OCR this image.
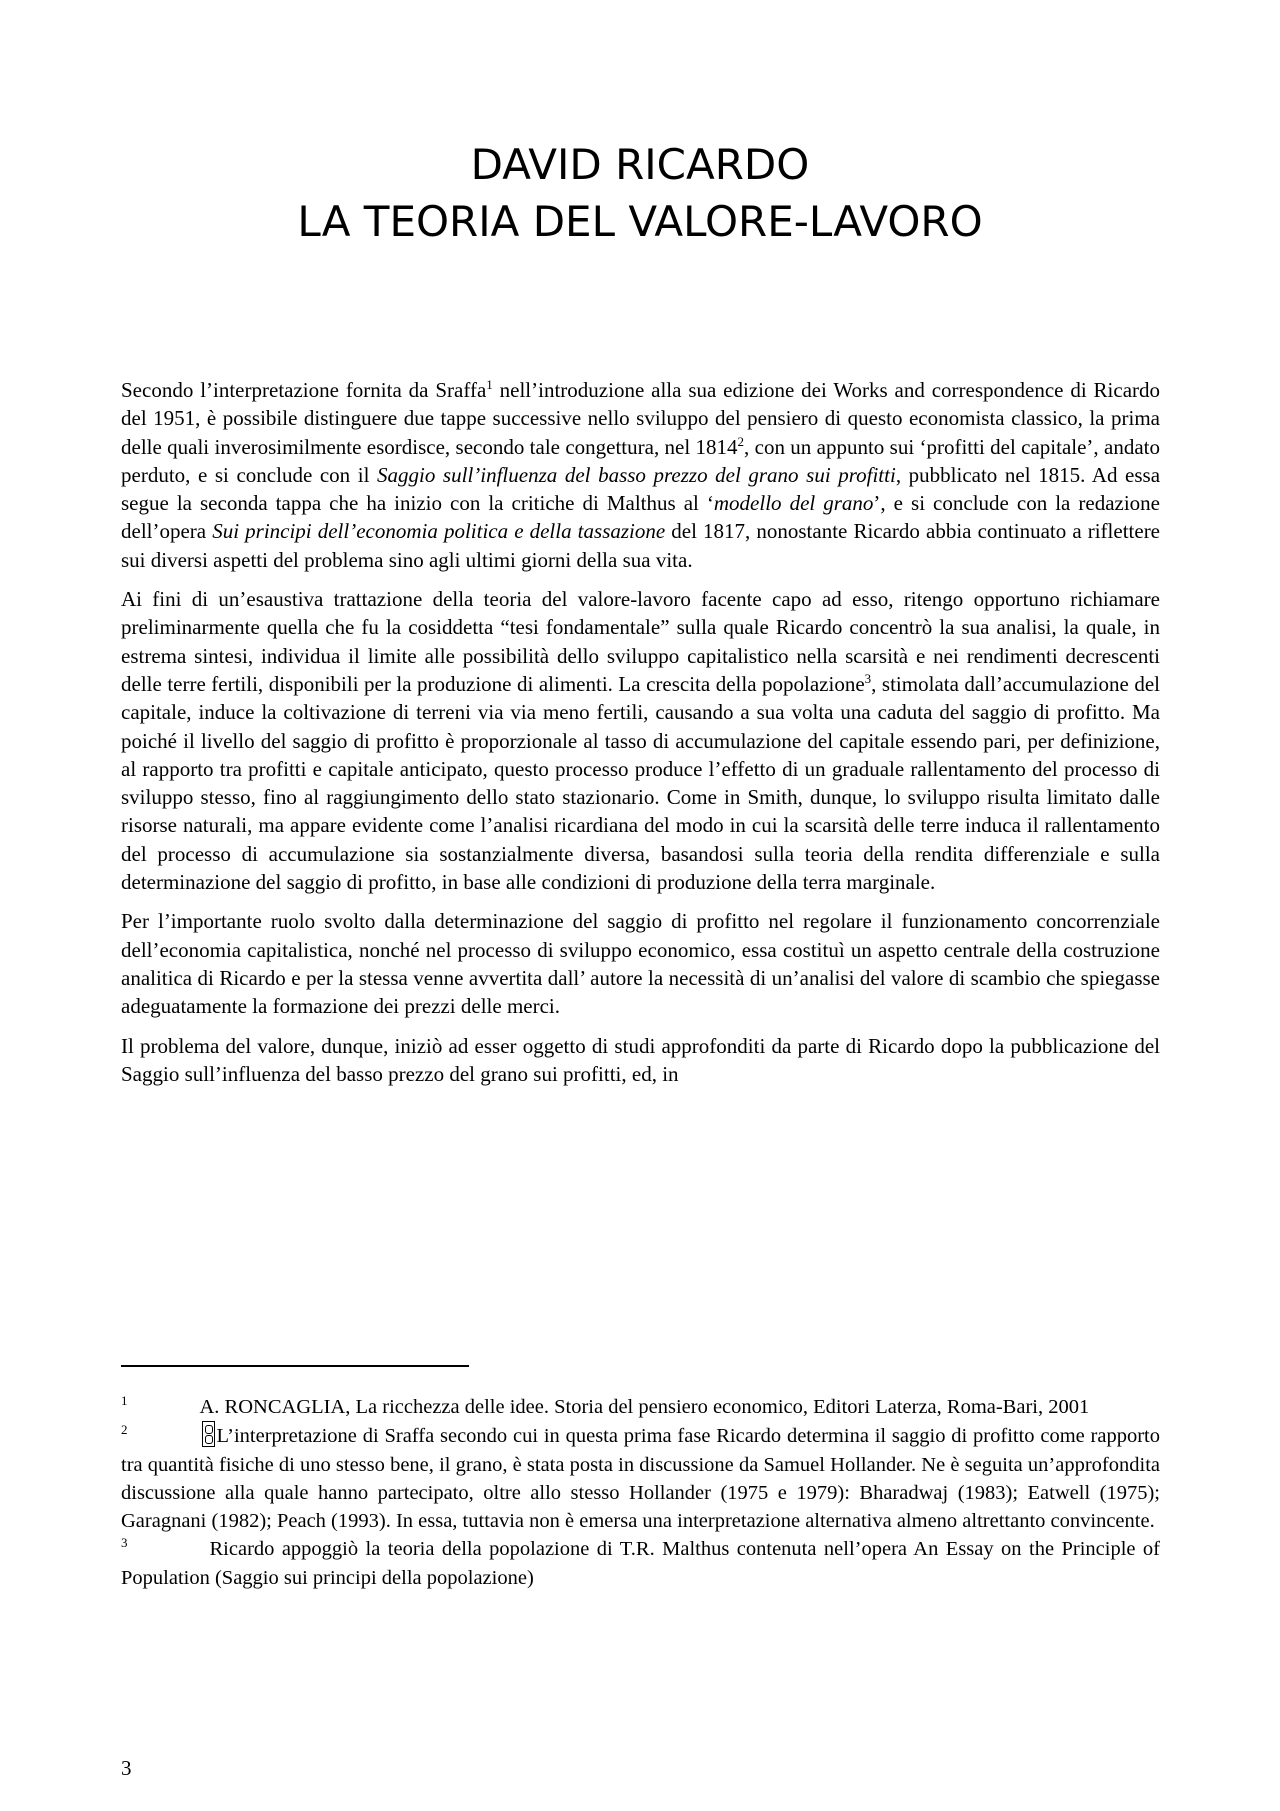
DAVID RICARDO
LA TEORIA DEL VALORE-LAVORO

Secondo l’interpretazione fornita da Sraffa$^1$ nell’introduzione alla sua edizione dei Works and correspondence di Ricardo del 1951, è possibile distinguere due tappe successive nello sviluppo del pensiero di questo economista classico, la prima delle quali inverosimilmente esordisce, secondo tale congettura, nel 1814$^2$, con un appunto sui ‘profitti del capitale’, andato perduto, e si conclude con il Saggio sull’influenza del basso prezzo del grano sui profitti, pubblicato nel 1815. Ad essa segue la seconda tappa che ha inizio con la critiche di Malthus al ‘modello del grano’, e si conclude con la redazione dell’opera Sui principi dell’economia politica e della tassazione del 1817, nonostante Ricardo abbia continuato a riflettere sui diversi aspetti del problema sino agli ultimi giorni della sua vita.

Ai fini di un’esaustiva trattazione della teoria del valore-lavoro facente capo ad esso, ritengo opportuno richiamare preliminarmente quella che fu la cosiddetta “tesi fondamentale” sulla quale Ricardo concentrò la sua analisi, la quale, in estrema sintesi, individua il limite alle possibilità dello sviluppo capitalistico nella scarsità e nei rendimenti decrescenti delle terre fertili, disponibili per la produzione di alimenti. La crescita della popolazione$^3$, stimolata dall’accumulazione del capitale, induce la coltivazione di terreni via via meno fertili, causando a sua volta una caduta del saggio di profitto. Ma poiché il livello del saggio di profitto è proporzionale al tasso di accumulazione del capitale essendo pari, per definizione, al rapporto tra profitti e capitale anticipato, questo processo produce l’effetto di un graduale rallentamento del processo di sviluppo stesso, fino al raggiungimento dello stato stazionario. Come in Smith, dunque, lo sviluppo risulta limitato dalle risorse naturali, ma appare evidente come l’analisi ricardiana del modo in cui la scarsità delle terre induca il rallentamento del processo di accumulazione sia sostanzialmente diversa, basandosi sulla teoria della rendita differenziale e sulla determinazione del saggio di profitto, in base alle condizioni di produzione della terra marginale.

Per l’importante ruolo svolto dalla determinazione del saggio di profitto nel regolare il funzionamento concorrenziale dell’economia capitalistica, nonché nel processo di sviluppo economico, essa costituì un aspetto centrale della costruzione analitica di Ricardo e per la stessa venne avvertita dall’ autore la necessità di un’analisi del valore di scambio che spiegasse adeguatamente la formazione dei prezzi delle merci.

Il problema del valore, dunque, iniziò ad esser oggetto di studi approfonditi da parte di Ricardo dopo la pubblicazione del Saggio sull’influenza del basso prezzo del grano sui profitti, ed, in

$^1$	A. RONCAGLIA, La ricchezza delle idee. Storia del pensiero economico, Editori Laterza, Roma-Bari, 2001

$^2$	L’interpretazione di Sraffa secondo cui in questa prima fase Ricardo determina il saggio di profitto come rapporto tra quantità fisiche di uno stesso bene, il grano, è stata posta in discussione da Samuel Hollander. Ne è seguita un’approfondita discussione alla quale hanno partecipato, oltre allo stesso Hollander (1975 e 1979): Bharadwaj (1983); Eatwell (1975); Garagnani (1982); Peach (1993). In essa, tuttavia non è emersa una interpretazione alternativa almeno altrettanto convincente.

$^3$	Ricardo appoggiò la teoria della popolazione di T.R. Malthus contenuta nell’opera An Essay on the Principle of Population (Saggio sui principi della popolazione)

3
